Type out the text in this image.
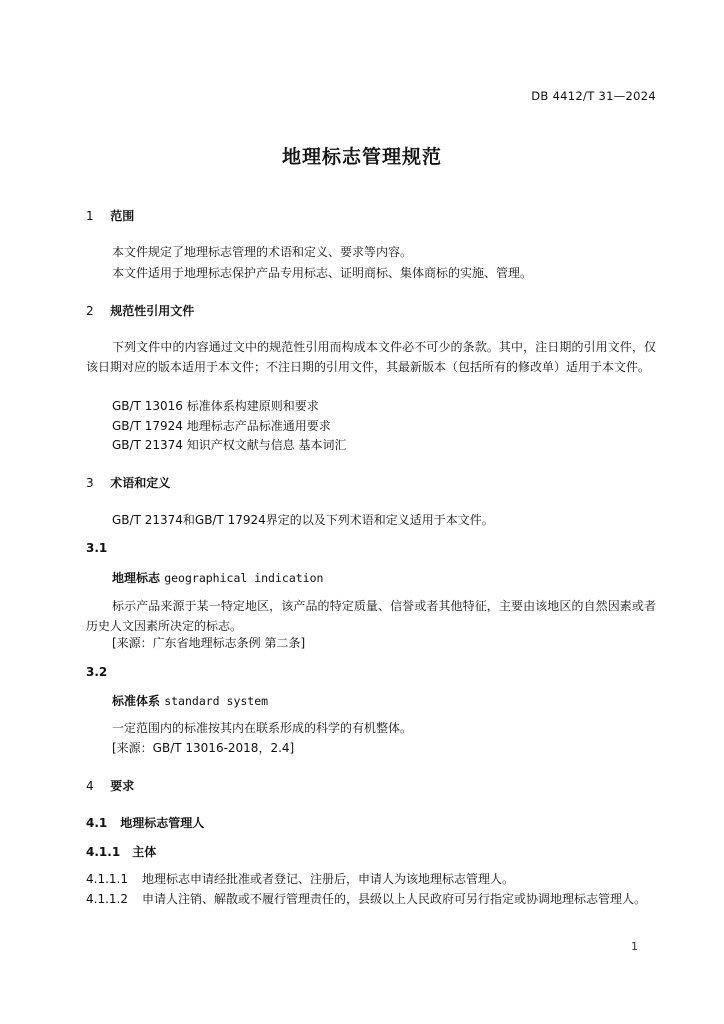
DB 4412/T 31—2024
地理标志管理规范
1 范围
本文件规定了地理标志管理的术语和定义、要求等内容。
本文件适用于地理标志保护产品专用标志、证明商标、集体商标的实施、管理。
2 规范性引用文件
下列文件中的内容通过文中的规范性引用而构成本文件必不可少的条款。其中，注日期的引用文件，仅该日期对应的版本适用于本文件；不注日期的引用文件，其最新版本（包括所有的修改单）适用于本文件。
GB/T 13016 标准体系构建原则和要求
GB/T 17924 地理标志产品标准通用要求
GB/T 21374 知识产权文献与信息 基本词汇
3 术语和定义
GB/T 21374和GB/T 17924界定的以及下列术语和定义适用于本文件。
3.1
地理标志 geographical indication
标示产品来源于某一特定地区，该产品的特定质量、信誉或者其他特征，主要由该地区的自然因素或者历史人文因素所决定的标志。
[来源：广东省地理标志条例 第二条]
3.2
标准体系 standard system
一定范围内的标准按其内在联系形成的科学的有机整体。
[来源：GB/T 13016-2018，2.4]
4 要求
4.1 地理标志管理人
4.1.1 主体
4.1.1.1 地理标志申请经批准或者登记、注册后，申请人为该地理标志管理人。
4.1.1.2 申请人注销、解散或不履行管理责任的，县级以上人民政府可另行指定或协调地理标志管理人。
1
